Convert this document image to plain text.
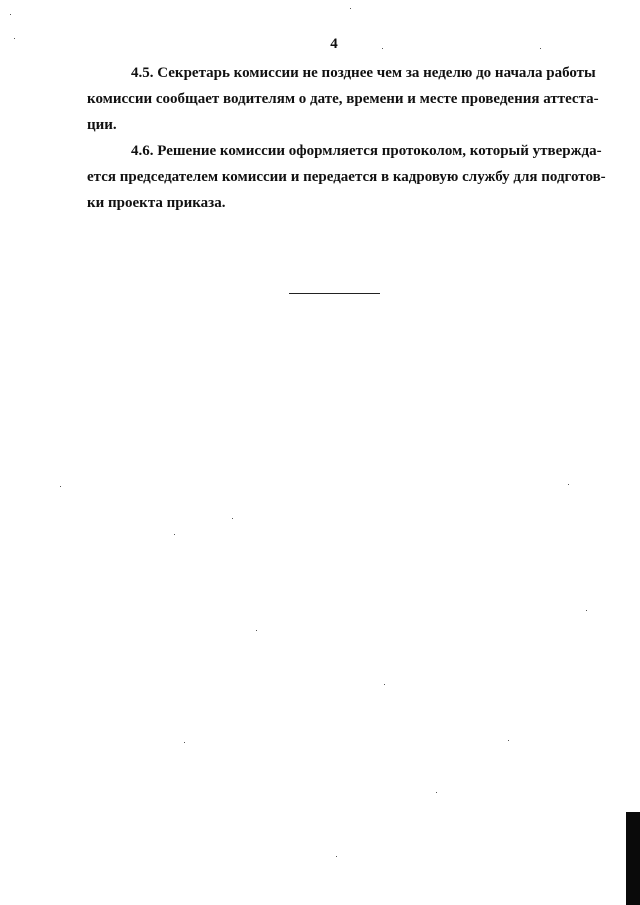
4
4.5. Секретарь комиссии не позднее чем за неделю до начала работы
комиссии сообщает водителям о дате, времени и месте проведения аттеста-
ции.
4.6. Решение комиссии оформляется протоколом, который утвержда-
ется председателем комиссии и передается в кадровую службу для подготов-
ки проекта приказа.
